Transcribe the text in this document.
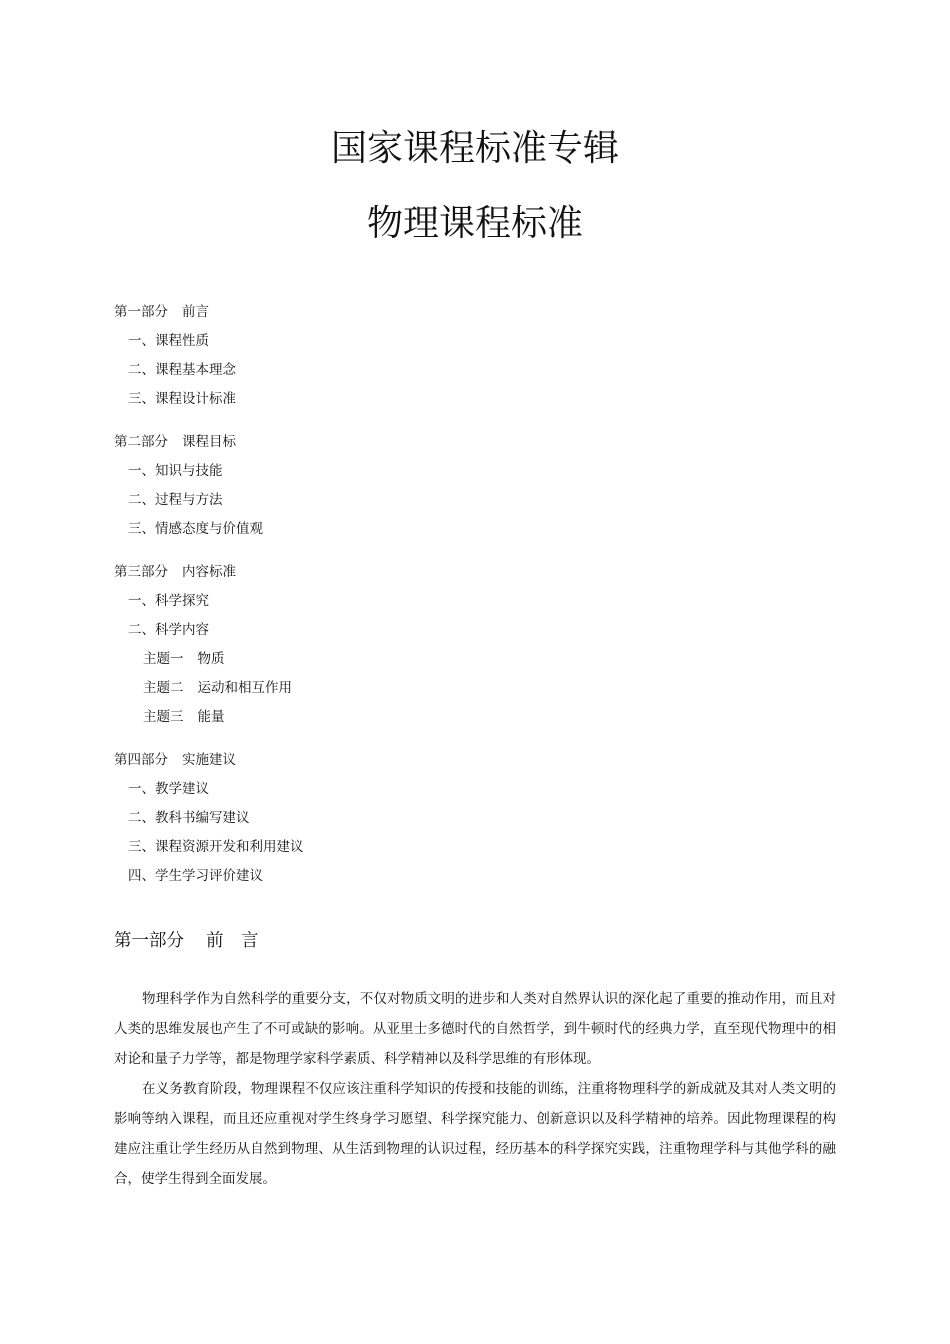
国家课程标准专辑
物理课程标准
第一部分 前言
一、课程性质
二、课程基本理念
三、课程设计标准
第二部分 课程目标
一、知识与技能
二、过程与方法
三、情感态度与价值观
第三部分 内容标准
一、科学探究
二、科学内容
主题一 物质
主题二 运动和相互作用
主题三 能量
第四部分 实施建议
一、教学建议
二、教科书编写建议
三、课程资源开发和利用建议
四、学生学习评价建议
第一部分 前　言

物理科学作为自然科学的重要分支，不仅对物质文明的进步和人类对自然界认识的深化起了重要的推动作用，而且对人类的思维发展也产生了不可或缺的影响。从亚里士多德时代的自然哲学，到牛顿时代的经典力学，直至现代物理中的相对论和量子力学等，都是物理学家科学素质、科学精神以及科学思维的有形体现。

在义务教育阶段，物理课程不仅应该注重科学知识的传授和技能的训练，注重将物理科学的新成就及其对人类文明的影响等纳入课程，而且还应重视对学生终身学习愿望、科学探究能力、创新意识以及科学精神的培养。因此物理课程的构建应注重让学生经历从自然到物理、从生活到物理的认识过程，经历基本的科学探究实践，注重物理学科与其他学科的融合，使学生得到全面发展。
